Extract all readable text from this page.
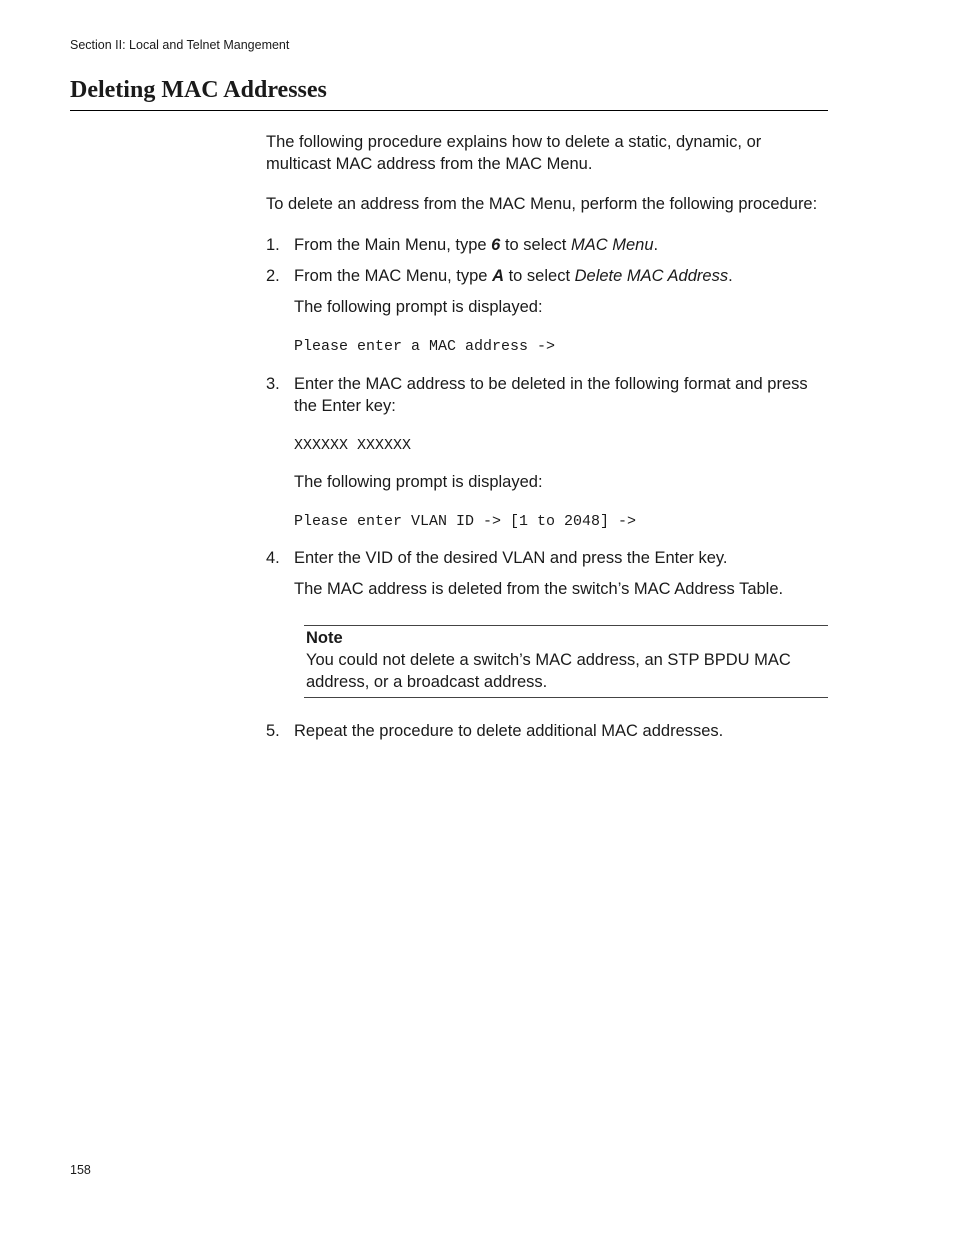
Section II: Local and Telnet Mangement
Deleting MAC Addresses

The following procedure explains how to delete a static, dynamic, or multicast MAC address from the MAC Menu.

To delete an address from the MAC Menu, perform the following procedure:

1. From the Main Menu, type 6 to select MAC Menu.
2. From the MAC Menu, type A to select Delete MAC Address.

The following prompt is displayed:

Please enter a MAC address ->
3. Enter the MAC address to be deleted in the following format and press the Enter key:
XXXXXX XXXXXX

The following prompt is displayed:

Please enter VLAN ID -> [1 to 2048] ->
4. Enter the VID of the desired VLAN and press the Enter key.

The MAC address is deleted from the switch’s MAC Address Table.

Note
You could not delete a switch’s MAC address, an STP BPDU MAC address, or a broadcast address.
5. Repeat the procedure to delete additional MAC addresses.
158
